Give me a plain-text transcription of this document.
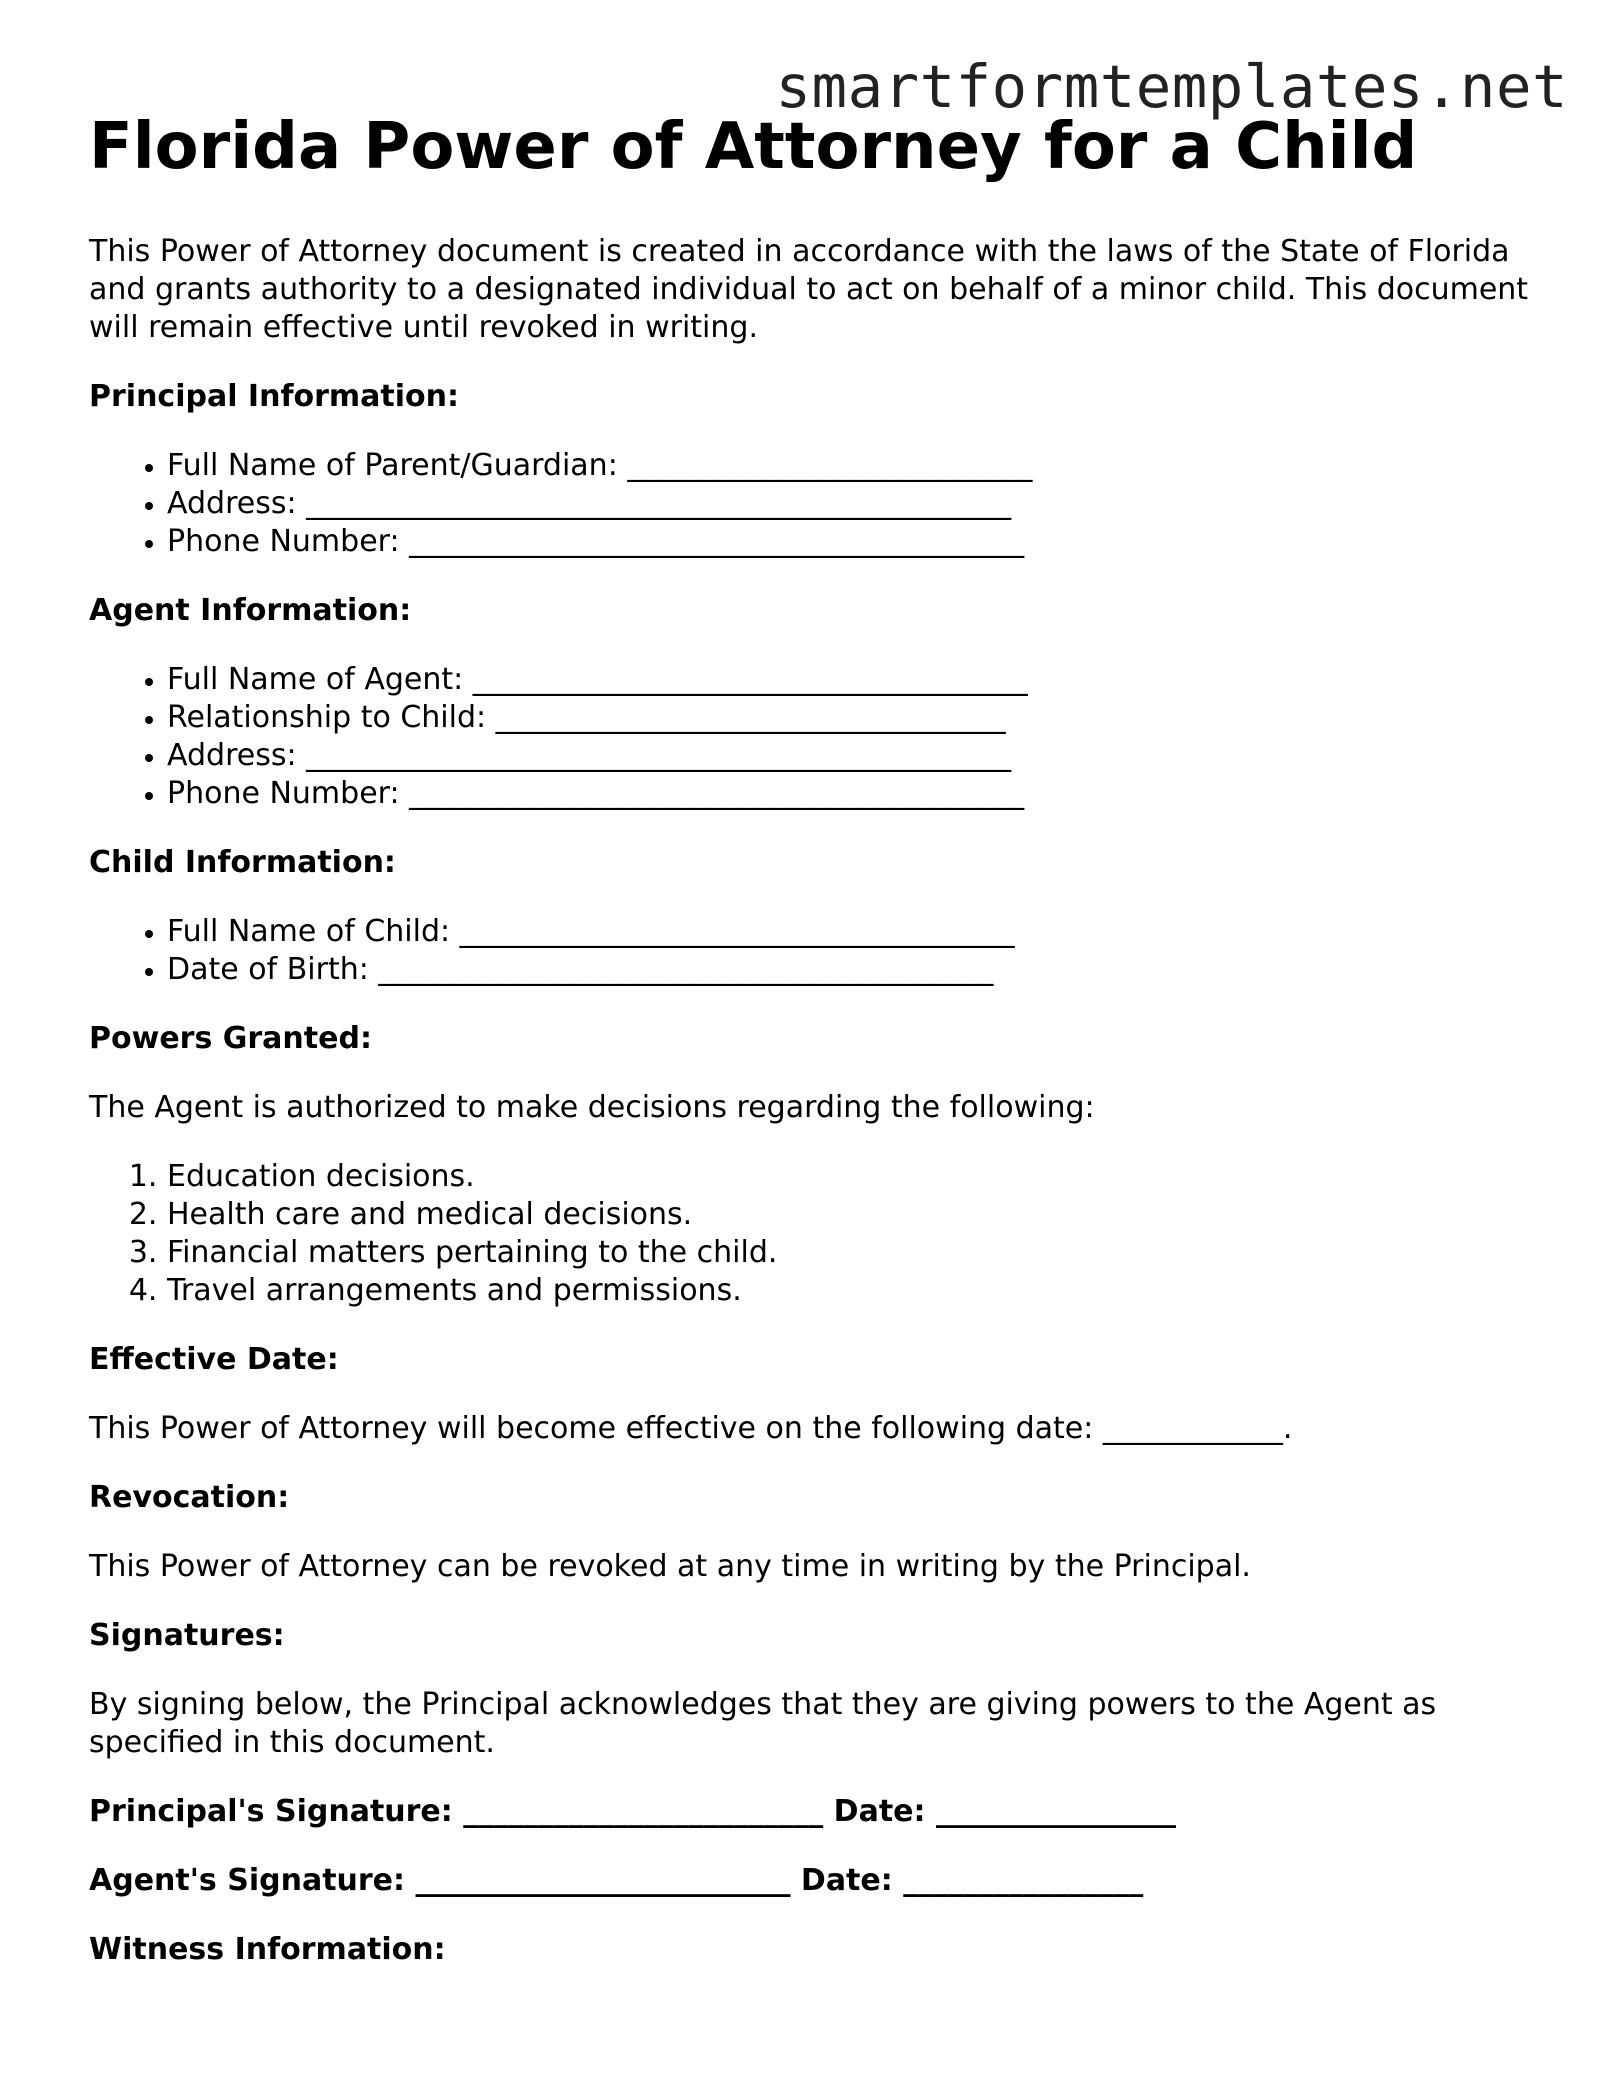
smartformtemplates.net
Florida Power of Attorney for a Child

This Power of Attorney document is created in accordance with the laws of the State of Florida and grants authority to a designated individual to act on behalf of a minor child. This document will remain effective until revoked in writing.

Principal Information:
• Full Name of Parent/Guardian: ___________________________
• Address: _______________________________________________
• Phone Number: _________________________________________
Agent Information:
• Full Name of Agent: _____________________________________
• Relationship to Child: __________________________________
• Address: _______________________________________________
• Phone Number: _________________________________________
Child Information:
• Full Name of Child: _____________________________________
• Date of Birth: _________________________________________
Powers Granted:

The Agent is authorized to make decisions regarding the following:

1. Education decisions.
2. Health care and medical decisions.
3. Financial matters pertaining to the child.
4. Travel arrangements and permissions.
Effective Date:

This Power of Attorney will become effective on the following date: ____________.

Revocation:

This Power of Attorney can be revoked at any time in writing by the Principal.

Signatures:

By signing below, the Principal acknowledges that they are giving powers to the Agent as specified in this document.

Principal's Signature: ________________________ Date: ________________
Agent's Signature: _________________________ Date: ________________
Witness Information:
